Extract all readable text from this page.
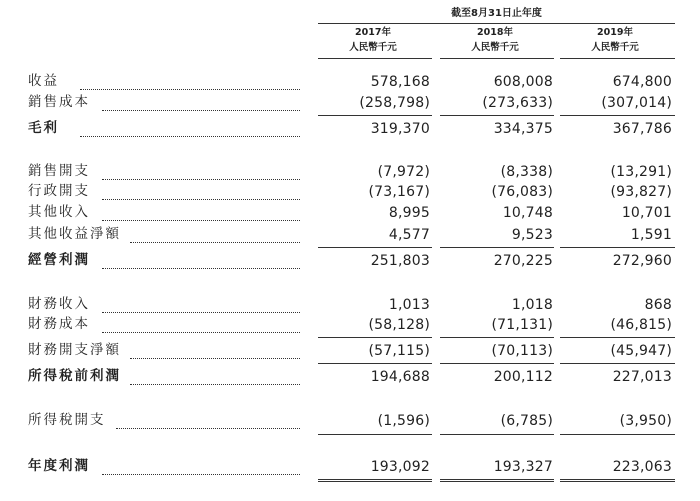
截至8月31日止年度
2017年
人民幣千元
2018年
人民幣千元
2019年
人民幣千元
收益	578,168	608,008	674,800
銷售成本	(258,798)	(273,633)	(307,014)
毛利	319,370	334,375	367,786
銷售開支	(7,972)	(8,338)	(13,291)
行政開支	(73,167)	(76,083)	(93,827)
其他收入	8,995	10,748	10,701
其他收益淨額	4,577	9,523	1,591
經營利潤	251,803	270,225	272,960
財務收入	1,013	1,018	868
財務成本	(58,128)	(71,131)	(46,815)
財務開支淨額	(57,115)	(70,113)	(45,947)
所得稅前利潤	194,688	200,112	227,013
所得稅開支	(1,596)	(6,785)	(3,950)
年度利潤	193,092	193,327	223,063
